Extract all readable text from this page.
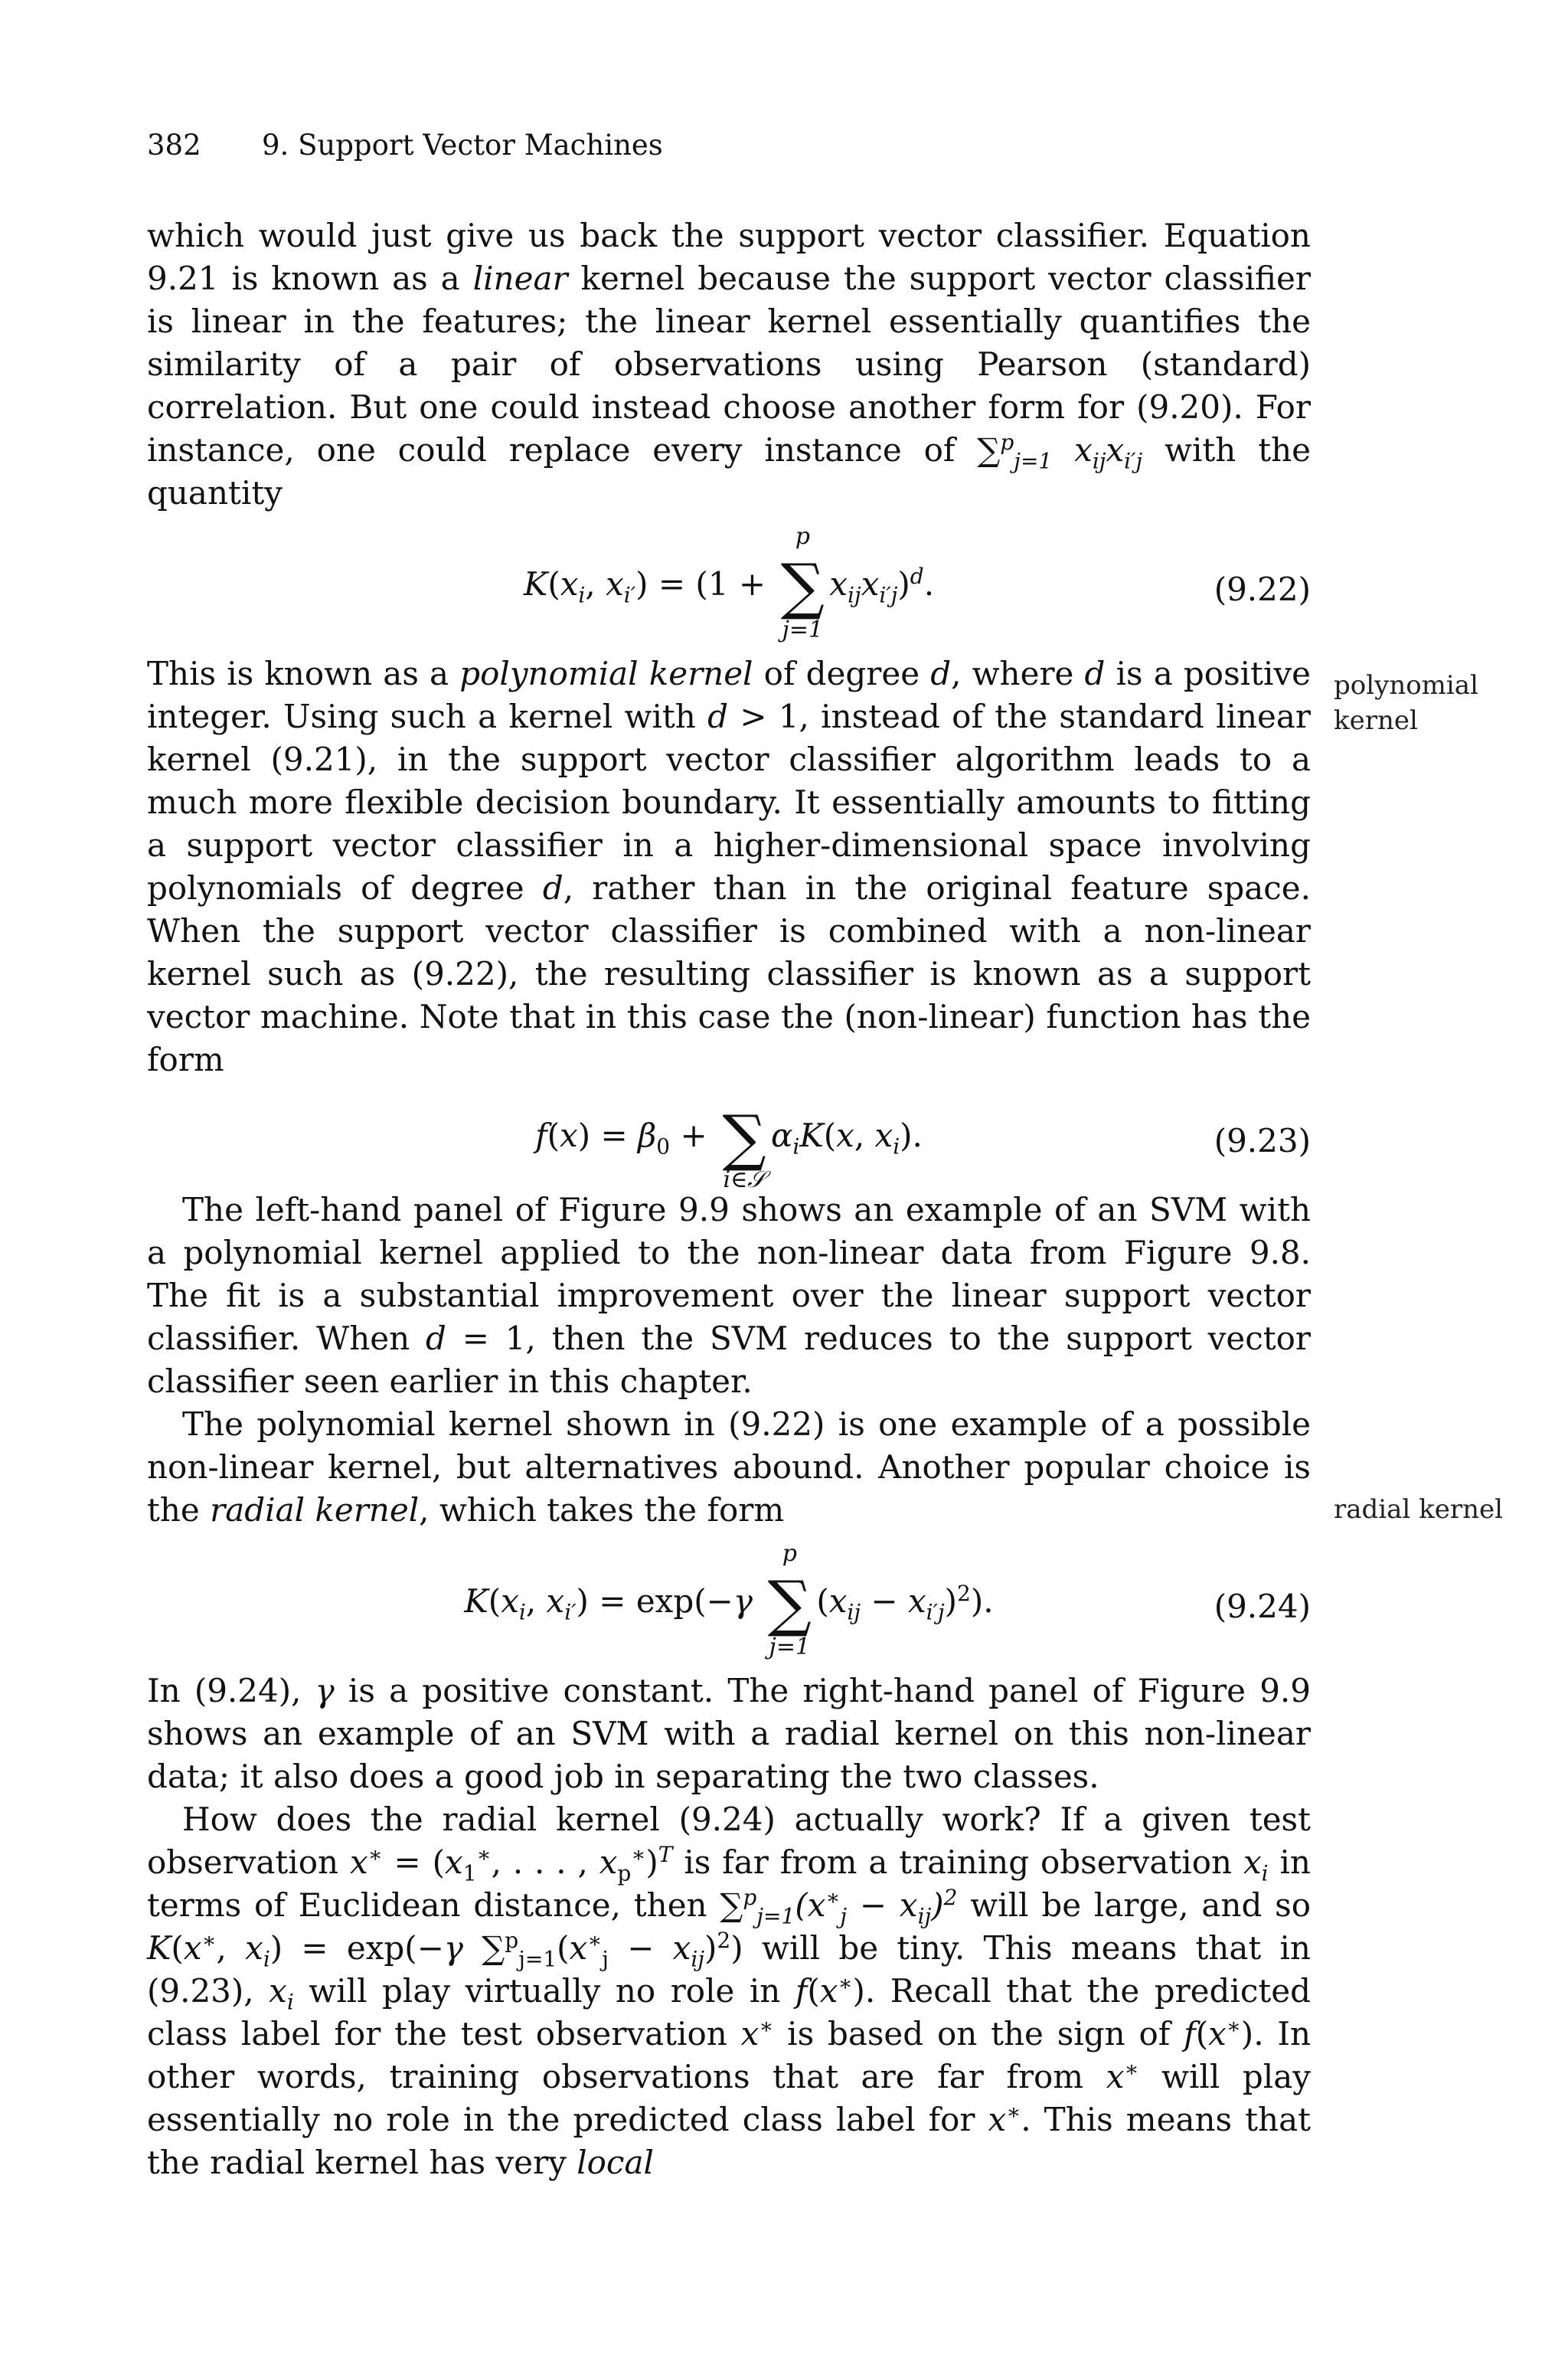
382 9. Support Vector Machines
polynomial
kernel
radial kernel

which would just give us back the support vector classifier. Equation 9.21 is known as a linear kernel because the support vector classifier is linear in the features; the linear kernel essentially quantifies the similarity of a pair of observations using Pearson (standard) correlation. But one could instead choose another form for (9.20). For instance, one could replace every instance of ∑$^p_{j=1}$ $x_{ij}x_{i'j}$ with the quantity

$K(x_i$, $x_{i'}) = (1$ +
p
∑
j=1
$x_{ij}x_{i'j})^d$.	(9.22)

This is known as a polynomial kernel of degree d, where d is a positive integer. Using such a kernel with d > 1, instead of the standard linear kernel (9.21), in the support vector classifier algorithm leads to a much more flexible decision boundary. It essentially amounts to fitting a support vector classifier in a higher-dimensional space involving polynomials of degree d, rather than in the original feature space. When the support vector classifier is combined with a non-linear kernel such as (9.22), the resulting classifier is known as a support vector machine. Note that in this case the (non-linear) function has the form

$f(x) = \beta_0$ + ∑
i∈𝒮
$\alpha_iK(x$, $x_i$).	(9.23)

The left-hand panel of Figure 9.9 shows an example of an SVM with a polynomial kernel applied to the non-linear data from Figure 9.8. The fit is a substantial improvement over the linear support vector classifier. When d = 1, then the SVM reduces to the support vector classifier seen earlier in this chapter.

The polynomial kernel shown in (9.22) is one example of a possible non-linear kernel, but alternatives abound. Another popular choice is the radial kernel, which takes the form

$K(x_i$, $x_{i'}) = \exp(-\gamma$
p
∑
j=1
$(x_{ij} - x_{i'j})^2$).	(9.24)

In (9.24), γ is a positive constant. The right-hand panel of Figure 9.9 shows an example of an SVM with a radial kernel on this non-linear data; it also does a good job in separating the two classes.

How does the radial kernel (9.24) actually work? If a given test observation $x^∗ = (x_1^∗$, . . . , $x_p^∗)^T$ is far from a training observation $x_i$ in terms of Euclidean distance, then $\sum^p_{j=1}(x^∗_j - x_{ij})^2$ will be large, and so K(x∗, $x_i) = \exp(-\gamma$ $\sum^p_{j=1}(x^∗_j - x_{ij})^2$) will be tiny. This means that in (9.23), $x_i$ will play virtually no role in f(x∗). Recall that the predicted class label for the test observation x∗ is based on the sign of f(x∗). In other words, training observations that are far from x∗ will play essentially no role in the predicted class label for x∗. This means that the radial kernel has very local
